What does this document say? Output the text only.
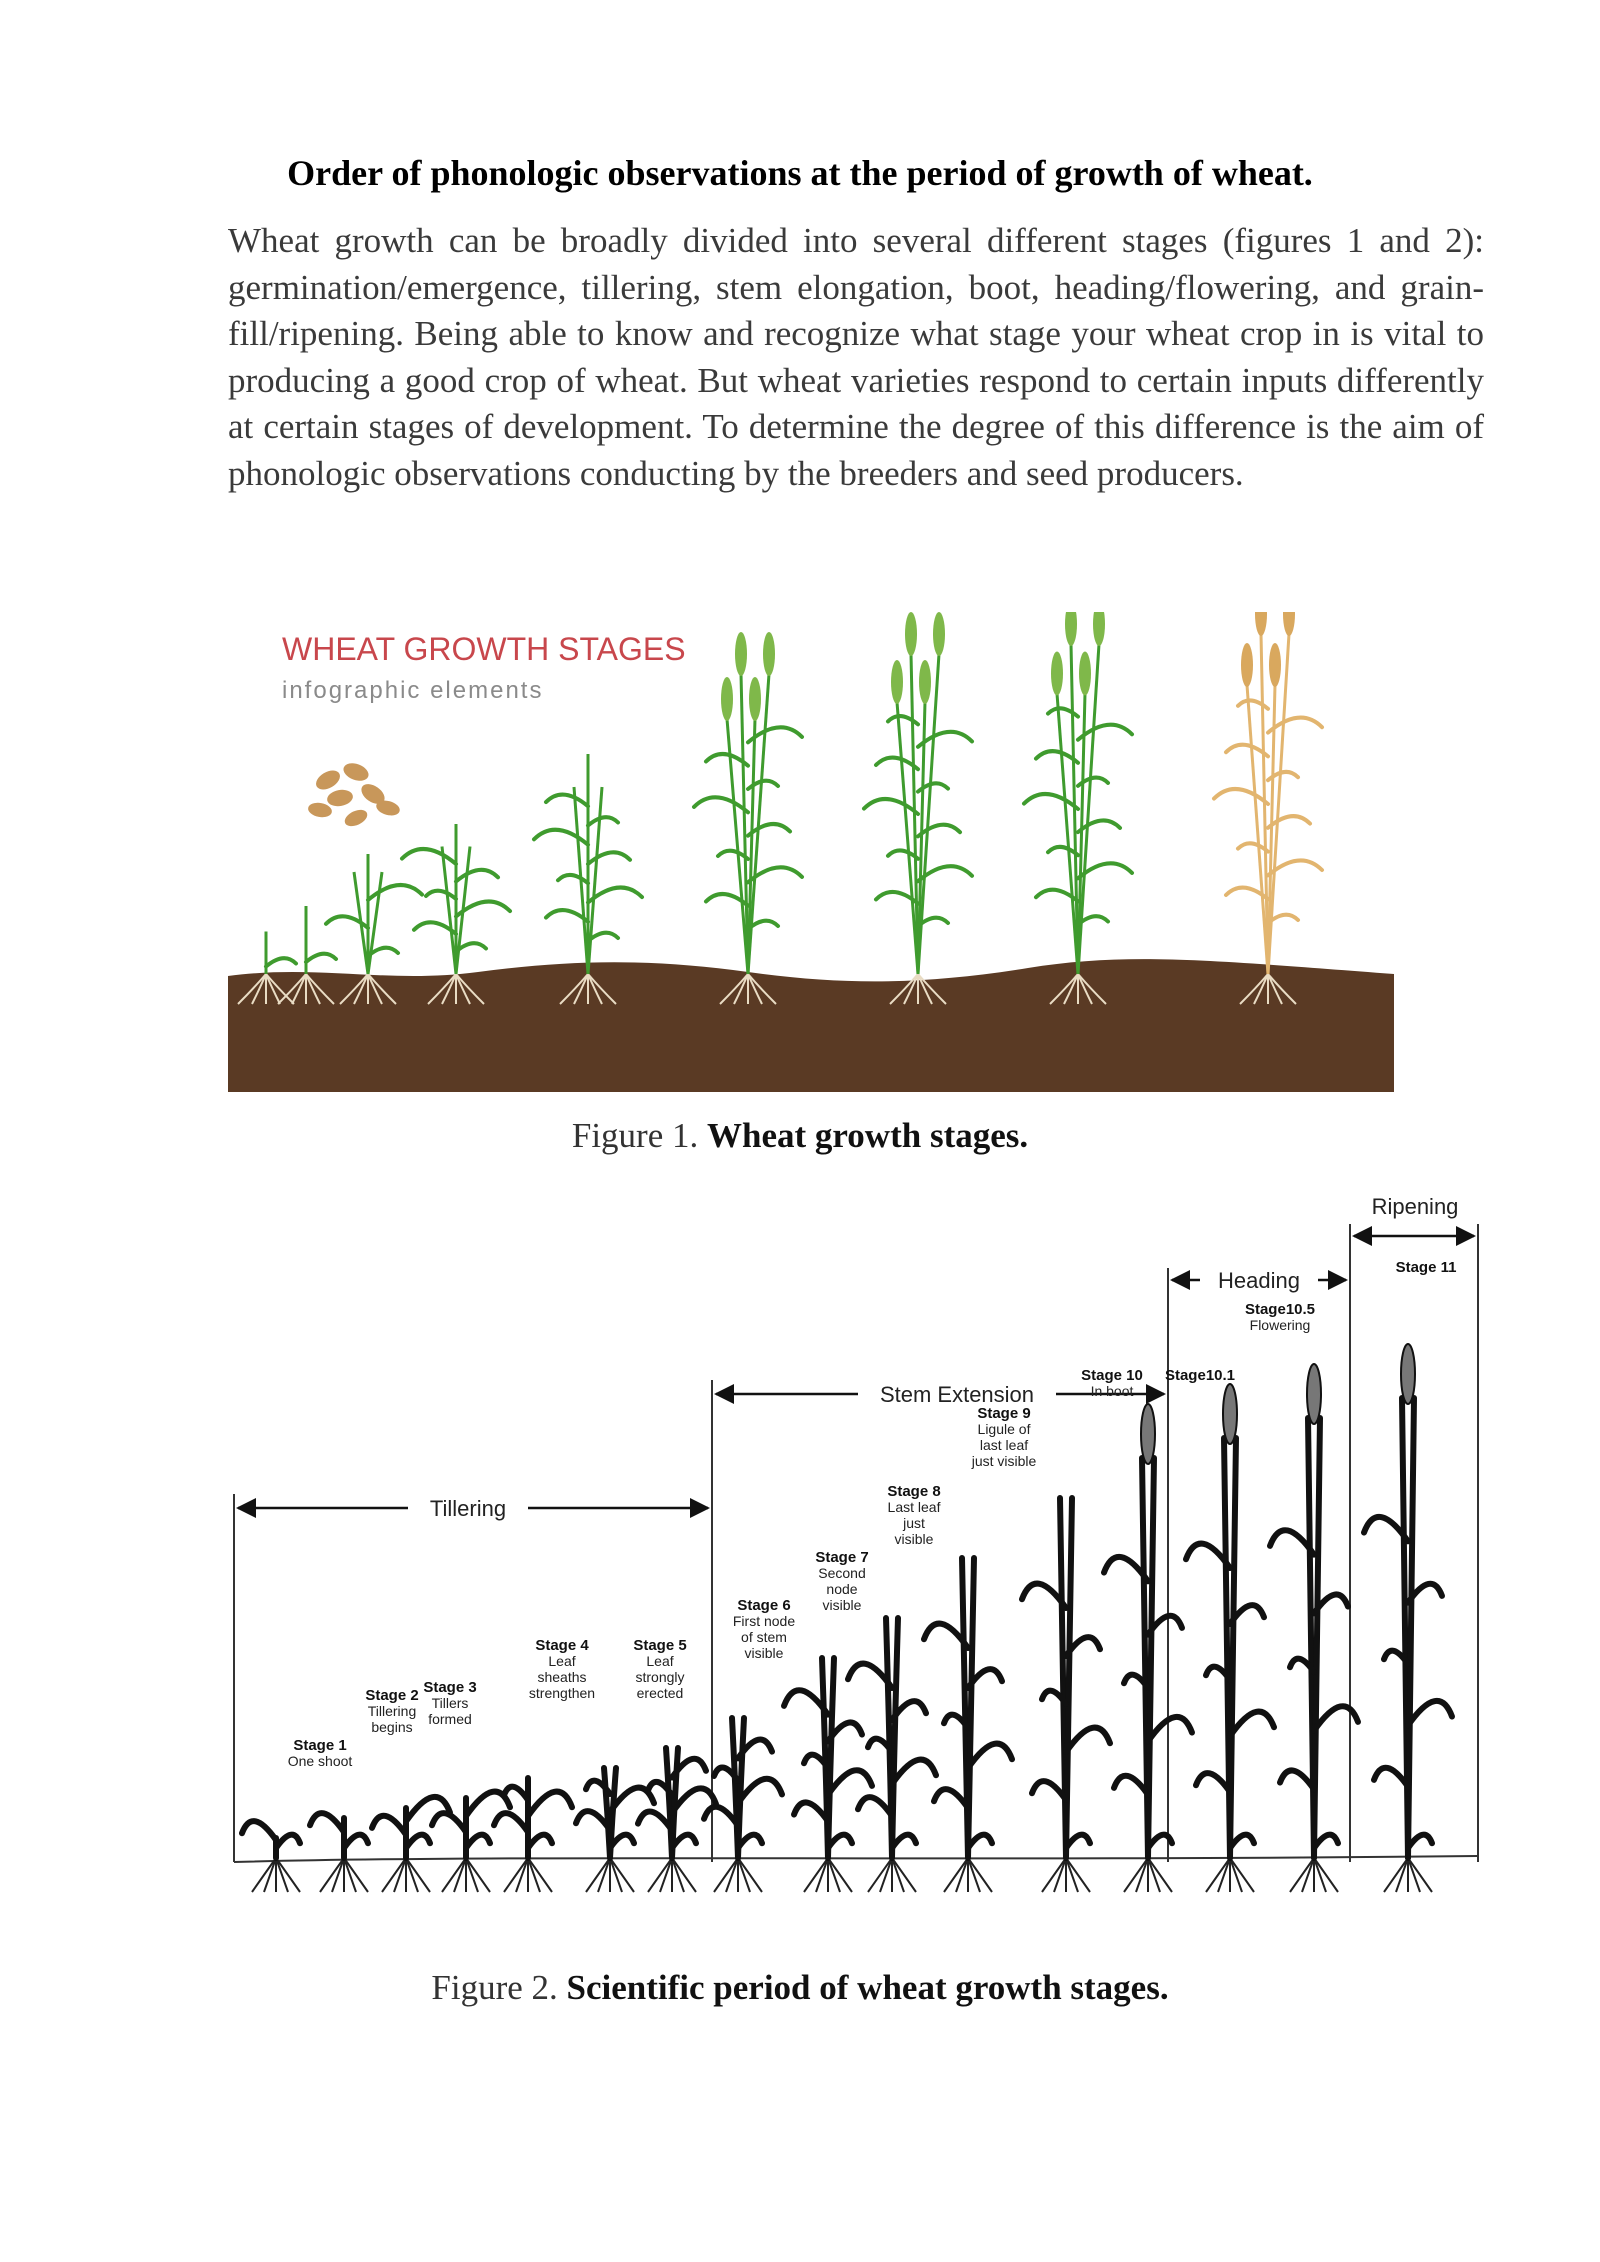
Order of phonologic observations at the period of growth of wheat.

Wheat growth can be broadly divided into several different stages (figures 1 and 2): germination/emergence, tillering, stem elongation, boot, heading/flowering, and grain-fill/ripening. Being able to know and recognize what stage your wheat crop in is vital to producing a good crop of wheat. But wheat varieties respond to certain inputs differently at certain stages of development. To determine the degree of this difference is the aim of phonologic observations conducting by the breeders and seed producers.

WHEAT GROWTH STAGES
infographic elements
Figure 1. Wheat growth stages.
Tillering
Stem Extension
Heading
Ripening
Stage 1
One shoot
Stage 2
Tillering
begins
Stage 3
Tillers
formed
Stage 4
Leaf
sheaths
strengthen
Stage 5
Leaf
strongly
erected
Stage 6
First node
of stem
visible
Stage 7
Second
node
visible
Stage 8
Last leaf
just
visible
Stage 9
Ligule of
last leaf
just visible
Stage 10
In boot
Stage10.1
Stage10.5
Flowering
Stage 11
Figure 2. Scientific period of wheat growth stages.
